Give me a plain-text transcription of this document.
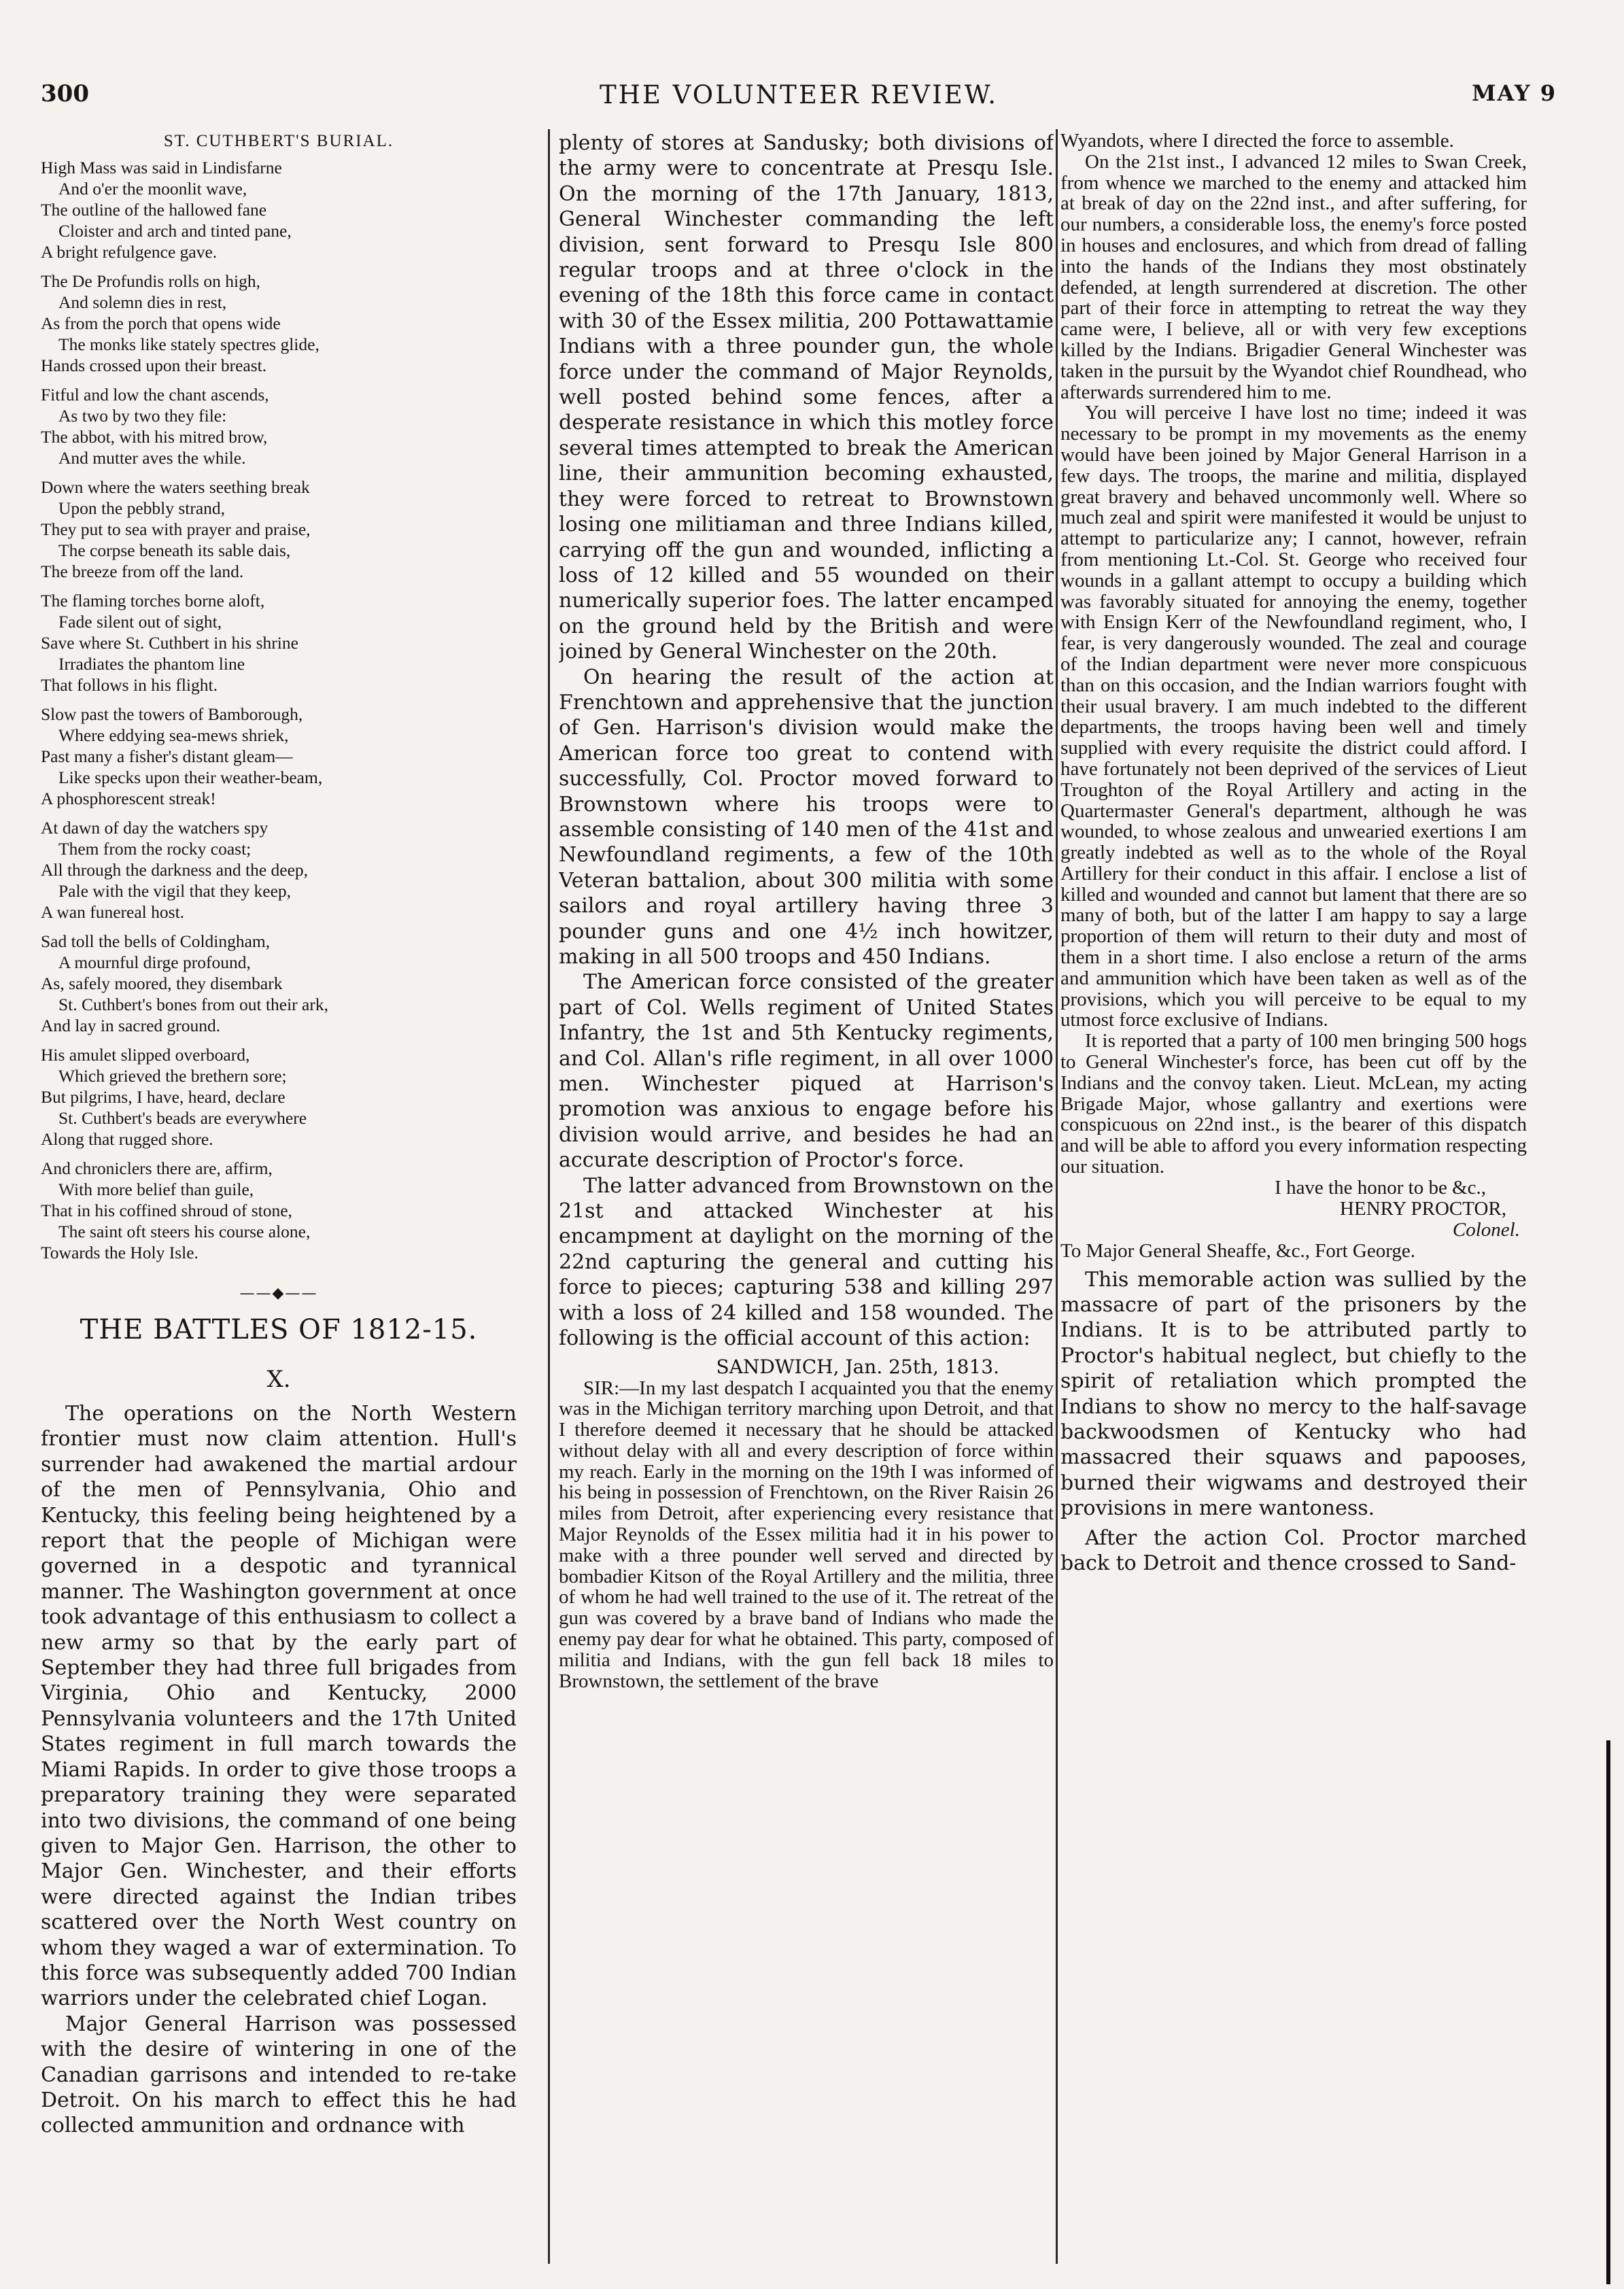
300	THE VOLUNTEER REVIEW.	MAY 9
ST. CUTHBERT'S BURIAL.
High Mass was said in Lindisfarne
And o'er the moonlit wave,
The outline of the hallowed fane
Cloister and arch and tinted pane,
A bright refulgence gave.
The De Profundis rolls on high,
And solemn dies in rest,
As from the porch that opens wide
The monks like stately spectres glide,
Hands crossed upon their breast.
Fitful and low the chant ascends,
As two by two they file:
The abbot, with his mitred brow,
And mutter aves the while.
Down where the waters seething break
Upon the pebbly strand,
They put to sea with prayer and praise,
The corpse beneath its sable dais,
The breeze from off the land.
The flaming torches borne aloft,
Fade silent out of sight,
Save where St. Cuthbert in his shrine
Irradiates the phantom line
That follows in his flight.
Slow past the towers of Bamborough,
Where eddying sea-mews shriek,
Past many a fisher's distant gleam—
Like specks upon their weather-beam,
A phosphorescent streak!
At dawn of day the watchers spy
Them from the rocky coast;
All through the darkness and the deep,
Pale with the vigil that they keep,
A wan funereal host.
Sad toll the bells of Coldingham,
A mournful dirge profound,
As, safely moored, they disembark
St. Cuthbert's bones from out their ark,
And lay in sacred ground.
His amulet slipped overboard,
Which grieved the brethern sore;
But pilgrims, I have, heard, declare
St. Cuthbert's beads are everywhere
Along that rugged shore.
And chroniclers there are, affirm,
With more belief than guile,
That in his coffined shroud of stone,
The saint oft steers his course alone,
Towards the Holy Isle.
——◆——
THE BATTLES OF 1812-15.
X.

The operations on the North Western frontier must now claim attention. Hull's surrender had awakened the martial ardour of the men of Pennsylvania, Ohio and Kentucky, this feeling being heightened by a report that the people of Michigan were governed in a despotic and tyrannical manner. The Washington government at once took advantage of this enthusiasm to collect a new army so that by the early part of September they had three full brigades from Virginia, Ohio and Kentucky, 2000 Pennsylvania volunteers and the 17th United States regiment in full march towards the Miami Rapids. In order to give those troops a preparatory training they were separated into two divisions, the command of one being given to Major Gen. Harrison, the other to Major Gen. Winchester, and their efforts were directed against the Indian tribes scattered over the North West country on whom they waged a war of extermination. To this force was subsequently added 700 Indian warriors under the celebrated chief Logan.

Major General Harrison was possessed with the desire of wintering in one of the Canadian garrisons and intended to re-take Detroit. On his march to effect this he had collected ammunition and ordnance with

plenty of stores at Sandusky; both divisions of the army were to concentrate at Presqu Isle. On the morning of the 17th January, 1813, General Winchester commanding the left division, sent forward to Presqu Isle 800 regular troops and at three o'clock in the evening of the 18th this force came in contact with 30 of the Essex militia, 200 Pottawattamie Indians with a three pounder gun, the whole force under the command of Major Reynolds, well posted behind some fences, after a desperate resistance in which this motley force several times attempted to break the American line, their ammunition becoming exhausted, they were forced to retreat to Brownstown losing one militiaman and three Indians killed, carrying off the gun and wounded, inflicting a loss of 12 killed and 55 wounded on their numerically superior foes. The latter encamped on the ground held by the British and were joined by General Winchester on the 20th.

On hearing the result of the action at Frenchtown and apprehensive that the junction of Gen. Harrison's division would make the American force too great to contend with successfully, Col. Proctor moved forward to Brownstown where his troops were to assemble consisting of 140 men of the 41st and Newfoundland regiments, a few of the 10th Veteran battalion, about 300 militia with some sailors and royal artillery having three 3 pounder guns and one 4½ inch howitzer, making in all 500 troops and 450 Indians.

The American force consisted of the greater part of Col. Wells regiment of United States Infantry, the 1st and 5th Kentucky regiments, and Col. Allan's rifle regiment, in all over 1000 men. Winchester piqued at Harrison's promotion was anxious to engage before his division would arrive, and besides he had an accurate description of Proctor's force.

The latter advanced from Brownstown on the 21st and attacked Winchester at his encampment at daylight on the morning of the 22nd capturing the general and cutting his force to pieces; capturing 538 and killing 297 with a loss of 24 killed and 158 wounded. The following is the official account of this action:

SANDWICH, Jan. 25th, 1813.

SIR:—In my last despatch I acquainted you that the enemy was in the Michigan territory marching upon Detroit, and that I therefore deemed it necessary that he should be attacked without delay with all and every description of force within my reach. Early in the morning on the 19th I was informed of his being in possession of Frenchtown, on the River Raisin 26 miles from Detroit, after experiencing every resistance that Major Reynolds of the Essex militia had it in his power to make with a three pounder well served and directed by bombadier Kitson of the Royal Artillery and the militia, three of whom he had well trained to the use of it. The retreat of the gun was covered by a brave band of Indians who made the enemy pay dear for what he obtained. This party, composed of militia and Indians, with the gun fell back 18 miles to Brownstown, the settlement of the brave

Wyandots, where I directed the force to assemble.

On the 21st inst., I advanced 12 miles to Swan Creek, from whence we marched to the enemy and attacked him at break of day on the 22nd inst., and after suffering, for our numbers, a considerable loss, the enemy's force posted in houses and enclosures, and which from dread of falling into the hands of the Indians they most obstinately defended, at length surrendered at discretion. The other part of their force in attempting to retreat the way they came were, I believe, all or with very few exceptions killed by the Indians. Brigadier General Winchester was taken in the pursuit by the Wyandot chief Roundhead, who afterwards surrendered him to me.

You will perceive I have lost no time; indeed it was necessary to be prompt in my movements as the enemy would have been joined by Major General Harrison in a few days. The troops, the marine and militia, displayed great bravery and behaved uncommonly well. Where so much zeal and spirit were manifested it would be unjust to attempt to particularize any; I cannot, however, refrain from mentioning Lt.-Col. St. George who received four wounds in a gallant attempt to occupy a building which was favorably situated for annoying the enemy, together with Ensign Kerr of the Newfoundland regiment, who, I fear, is very dangerously wounded. The zeal and courage of the Indian department were never more conspicuous than on this occasion, and the Indian warriors fought with their usual bravery. I am much indebted to the different departments, the troops having been well and timely supplied with every requisite the district could afford. I have fortunately not been deprived of the services of Lieut Troughton of the Royal Artillery and acting in the Quartermaster General's department, although he was wounded, to whose zealous and unwearied exertions I am greatly indebted as well as to the whole of the Royal Artillery for their conduct in this affair. I enclose a list of killed and wounded and cannot but lament that there are so many of both, but of the latter I am happy to say a large proportion of them will return to their duty and most of them in a short time. I also enclose a return of the arms and ammunition which have been taken as well as of the provisions, which you will perceive to be equal to my utmost force exclusive of Indians.

It is reported that a party of 100 men bringing 500 hogs to General Winchester's force, has been cut off by the Indians and the convoy taken. Lieut. McLean, my acting Brigade Major, whose gallantry and exertions were conspicuous on 22nd inst., is the bearer of this dispatch and will be able to afford you every information respecting our situation.

I have the honor to be &c.,
HENRY PROCTOR,
Colonel.

To Major General Sheaffe, &c., Fort George.

This memorable action was sullied by the massacre of part of the prisoners by the Indians. It is to be attributed partly to Proctor's habitual neglect, but chiefly to the spirit of retaliation which prompted the Indians to show no mercy to the half-savage backwoodsmen of Kentucky who had massacred their squaws and papooses, burned their wigwams and destroyed their provisions in mere wantoness.

After the action Col. Proctor marched back to Detroit and thence crossed to Sand-
